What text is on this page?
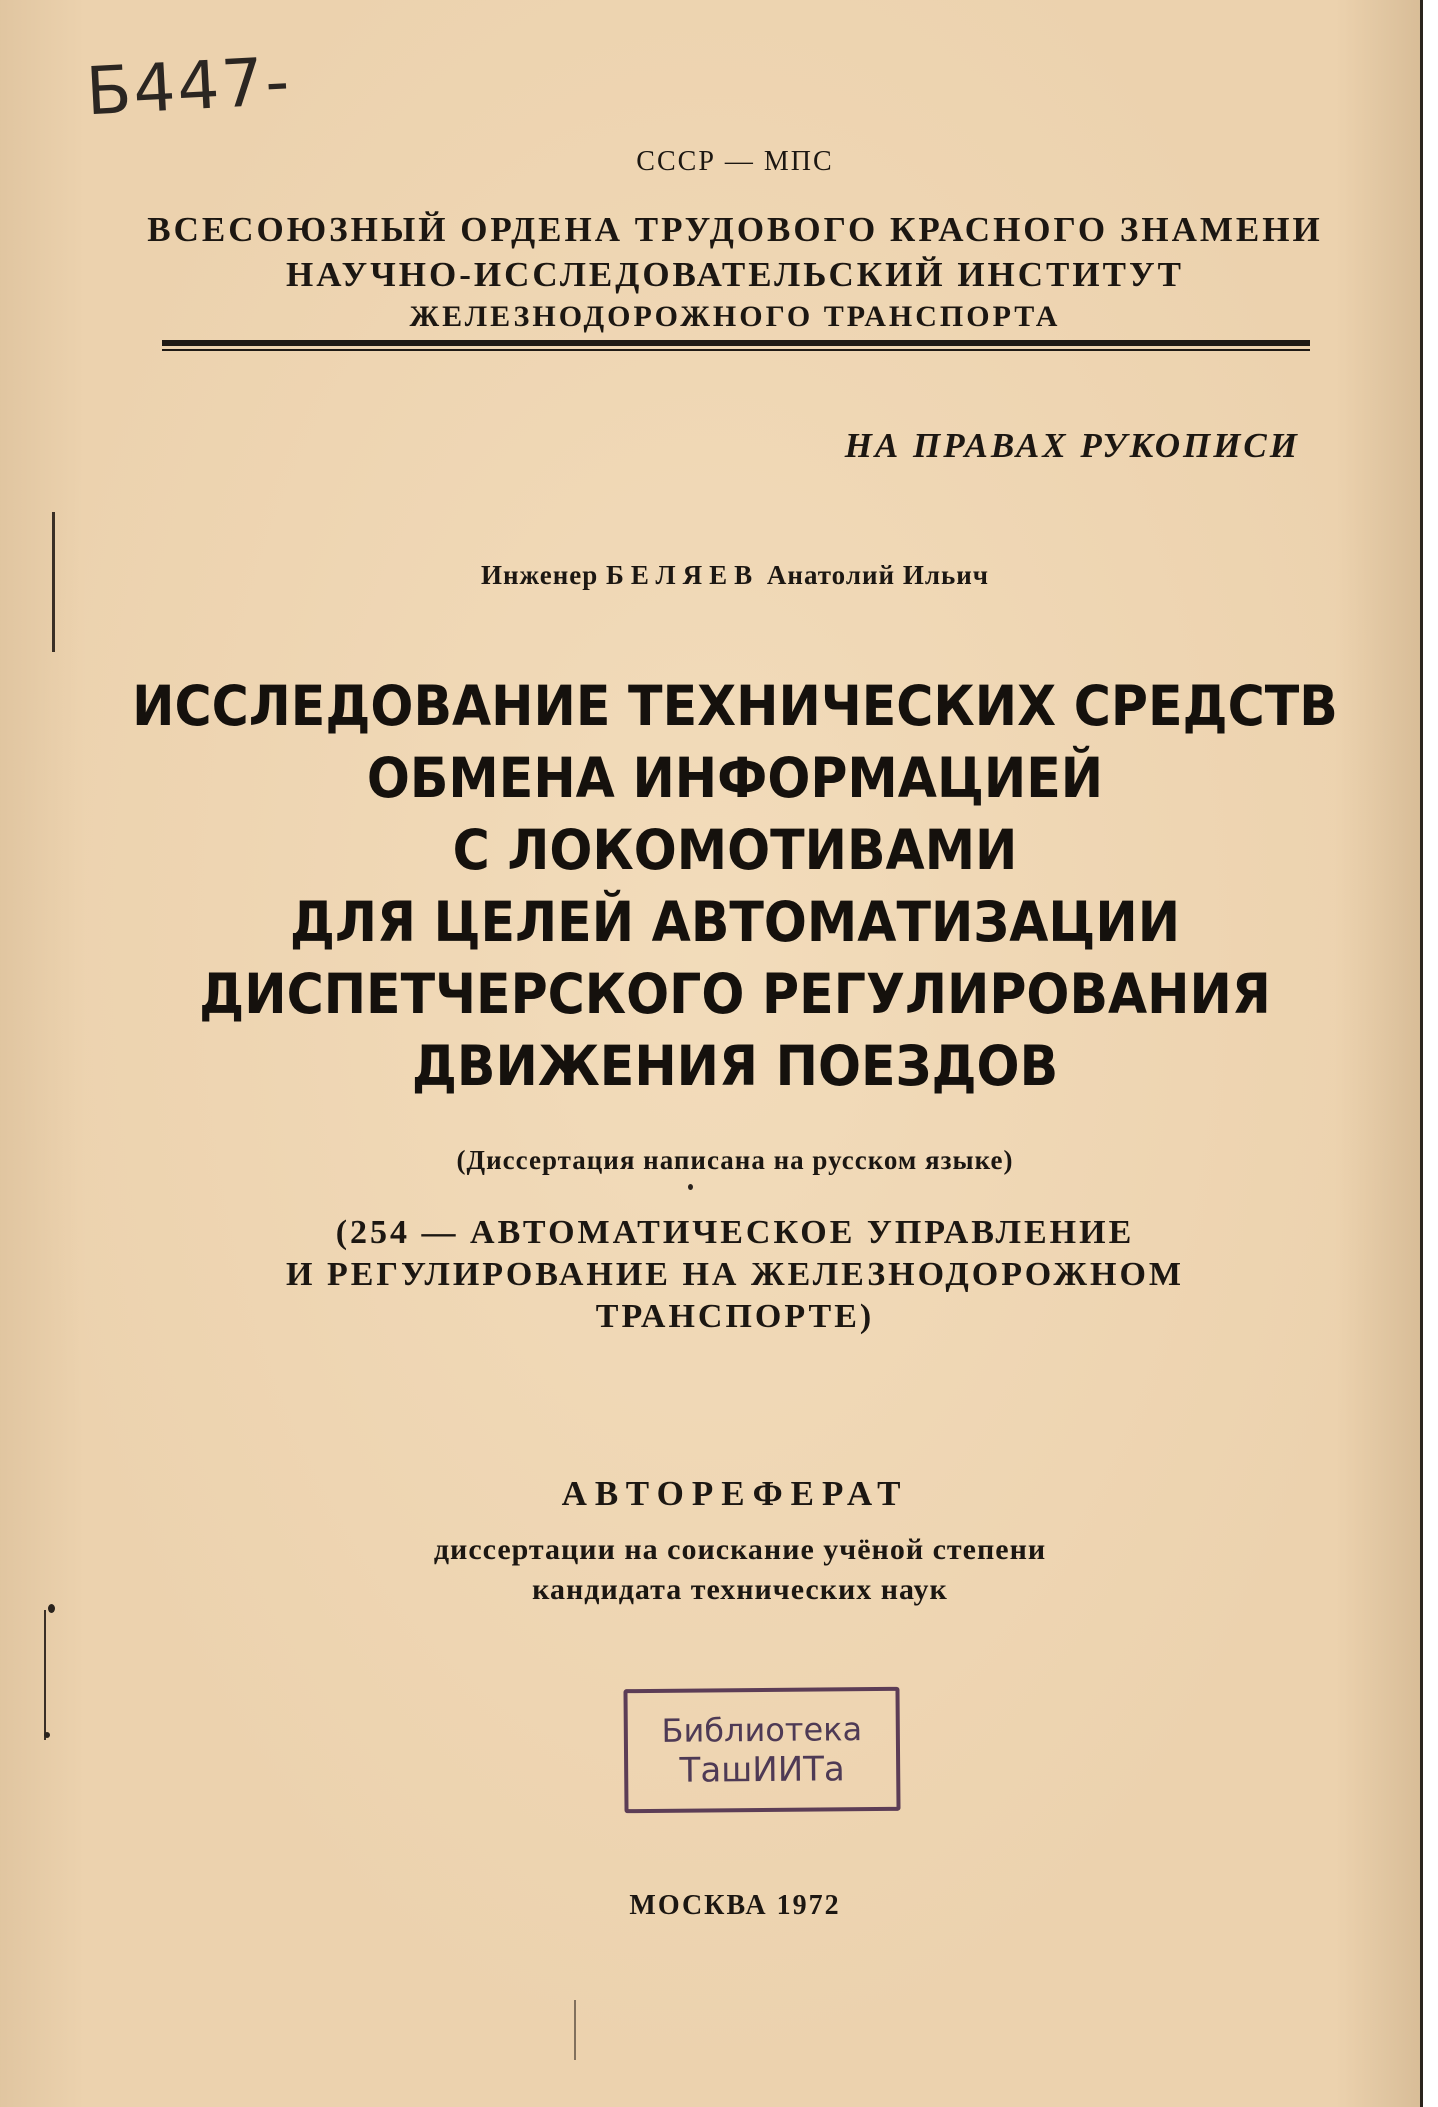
Б447-
СССР — МПС
ВСЕСОЮЗНЫЙ ОРДЕНА ТРУДОВОГО КРАСНОГО ЗНАМЕНИ
НАУЧНО-ИССЛЕДОВАТЕЛЬСКИЙ ИНСТИТУТ
ЖЕЛЕЗНОДОРОЖНОГО ТРАНСПОРТА
НА ПРАВАХ РУКОПИСИ
Инженер БЕЛЯЕВ Анатолий Ильич
ИССЛЕДОВАНИЕ ТЕХНИЧЕСКИХ СРЕДСТВ
ОБМЕНА ИНФОРМАЦИЕЙ
С ЛОКОМОТИВАМИ
ДЛЯ ЦЕЛЕЙ АВТОМАТИЗАЦИИ
ДИСПЕТЧЕРСКОГО РЕГУЛИРОВАНИЯ
ДВИЖЕНИЯ ПОЕЗДОВ
(Диссертация написана на русском языке)
(254 — АВТОМАТИЧЕСКОЕ УПРАВЛЕНИЕ
И РЕГУЛИРОВАНИЕ НА ЖЕЛЕЗНОДОРОЖНОМ
ТРАНСПОРТЕ)
АВТОРЕФЕРАТ
диссертации на соискание учёной степени
кандидата технических наук
Библиотека
ТашИИТа
МОСКВА 1972
